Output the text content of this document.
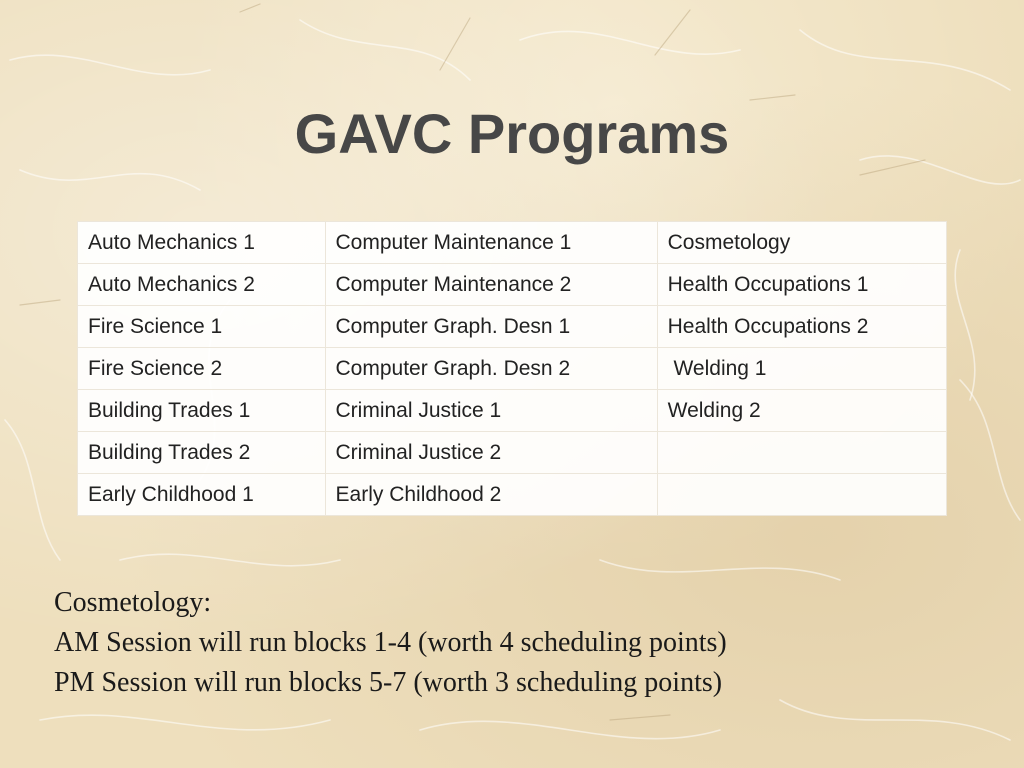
GAVC Programs
Auto Mechanics 1	Computer Maintenance 1	Cosmetology
Auto Mechanics 2	Computer Maintenance 2	Health Occupations 1
Fire Science 1	Computer Graph. Desn 1	Health Occupations 2
Fire Science 2	Computer Graph. Desn 2	Welding 1
Building Trades 1	Criminal Justice 1	Welding 2
Building Trades 2	Criminal Justice 2	
Early Childhood 1	Early Childhood 2	
Cosmetology:
AM Session will run blocks 1-4 (worth 4 scheduling points)
PM Session will run blocks 5-7 (worth 3 scheduling points)
